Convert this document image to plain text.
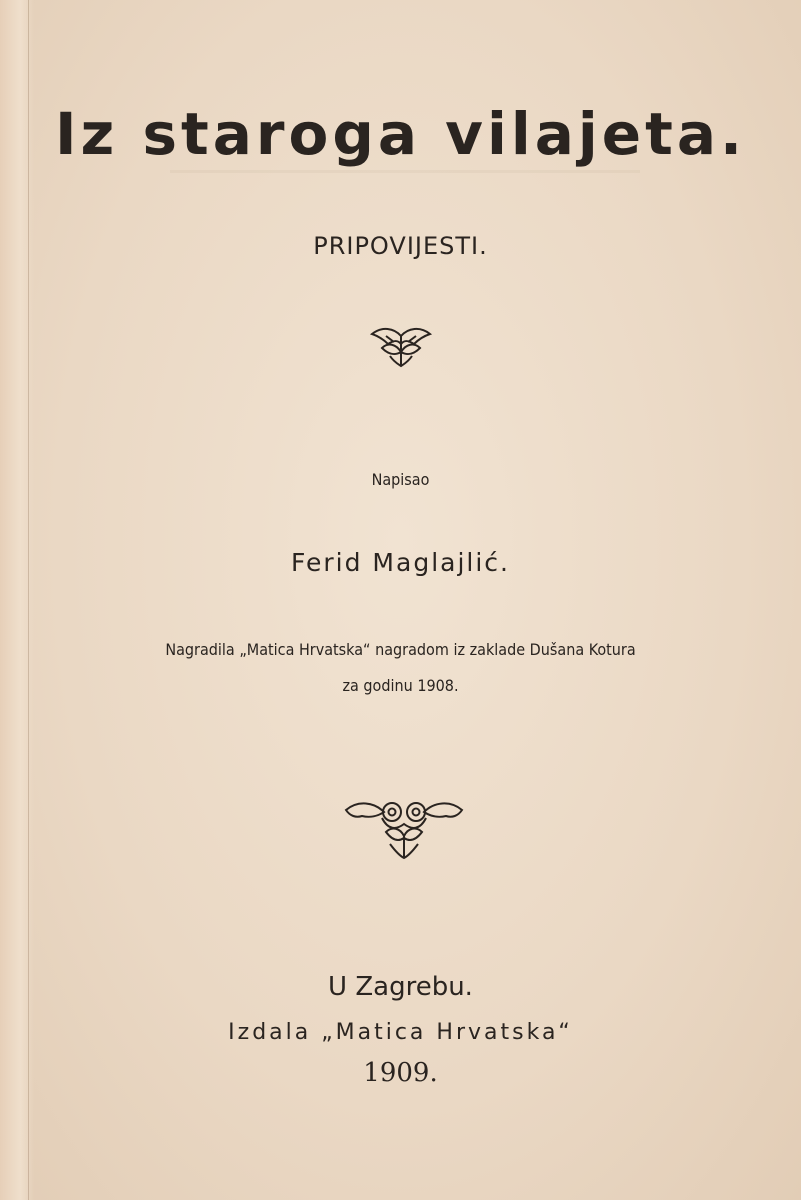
Iz staroga vilajeta.
PRIPOVIJESTI.
Napisao
Ferid Maglajlić.
Nagradila „Matica Hrvatska“ nagradom iz zaklade Dušana Kotura
za godinu 1908.
U Zagrebu.
Izdala „Matica Hrvatska“
1909.
